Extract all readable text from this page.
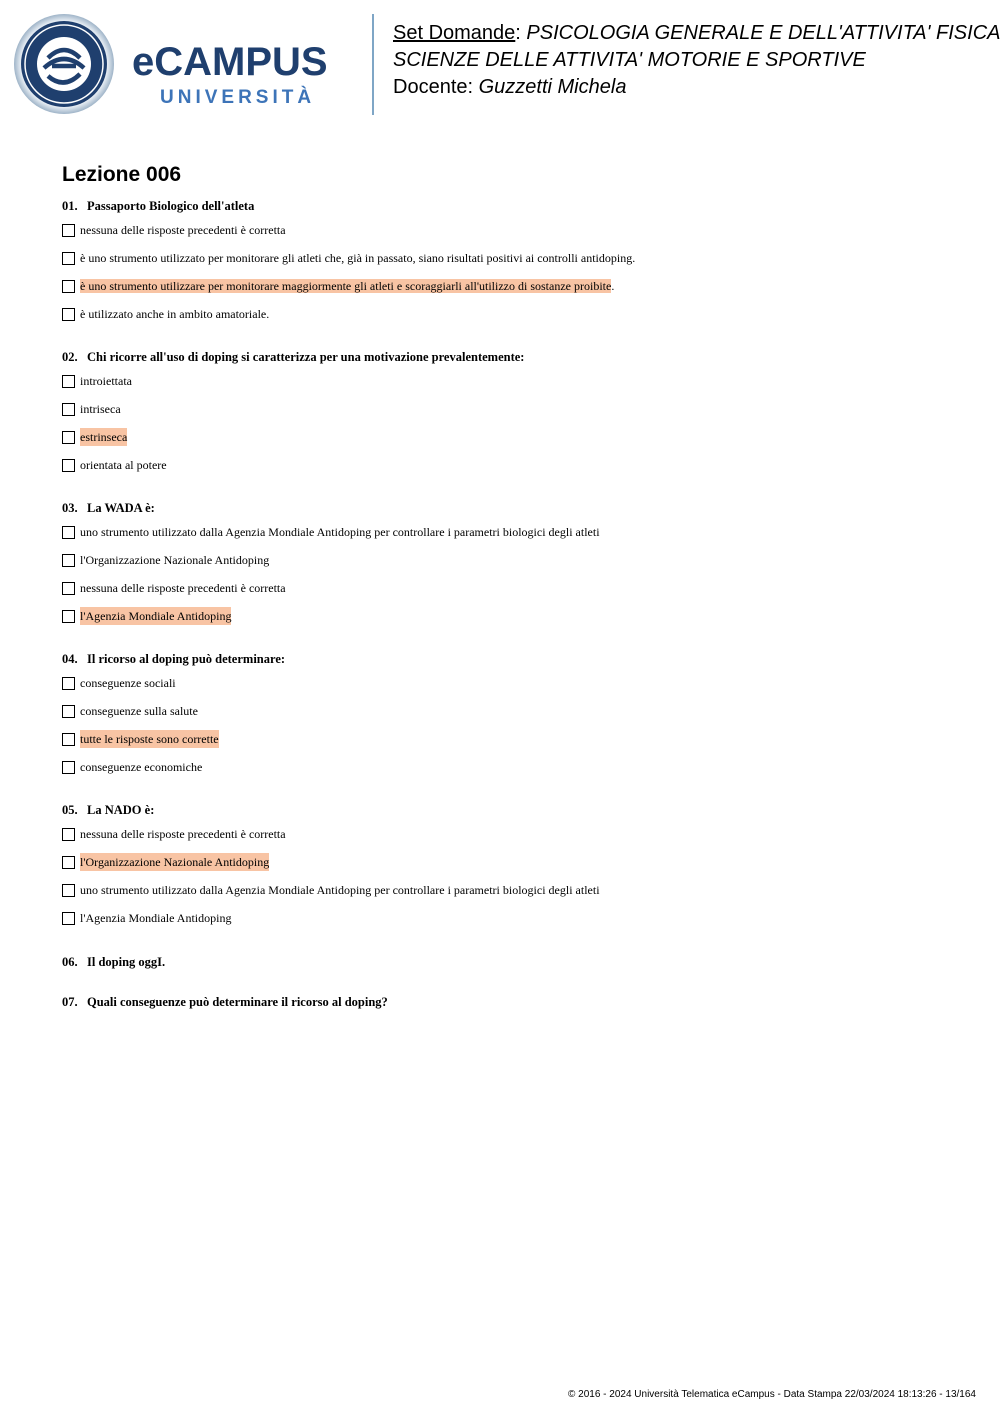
eCAMPUS
UNIVERSITÀ
Set Domande: PSICOLOGIA GENERALE E DELL'ATTIVITA' FISICA
SCIENZE DELLE ATTIVITA' MOTORIE E SPORTIVE
Docente: Guzzetti Michela
Lezione 006
01. Passaporto Biologico dell'atleta
nessuna delle risposte precedenti è corretta
è uno strumento utilizzato per monitorare gli atleti che, già in passato, siano risultati positivi ai controlli antidoping.
è uno strumento utilizzare per monitorare maggiormente gli atleti e scoraggiarli all'utilizzo di sostanze proibite.
è utilizzato anche in ambito amatoriale.
02. Chi ricorre all'uso di doping si caratterizza per una motivazione prevalentemente:
introiettata
intriseca
estrinseca
orientata al potere
03. La WADA è:
uno strumento utilizzato dalla Agenzia Mondiale Antidoping per controllare i parametri biologici degli atleti
l'Organizzazione Nazionale Antidoping
nessuna delle risposte precedenti è corretta
l'Agenzia Mondiale Antidoping
04. Il ricorso al doping può determinare:
conseguenze sociali
conseguenze sulla salute
tutte le risposte sono corrette
conseguenze economiche
05. La NADO è:
nessuna delle risposte precedenti è corretta
l'Organizzazione Nazionale Antidoping
uno strumento utilizzato dalla Agenzia Mondiale Antidoping per controllare i parametri biologici degli atleti
l'Agenzia Mondiale Antidoping
06. Il doping oggI.
07. Quali conseguenze può determinare il ricorso al doping?
© 2016 - 2024 Università Telematica eCampus - Data Stampa 22/03/2024 18:13:26 - 13/164
